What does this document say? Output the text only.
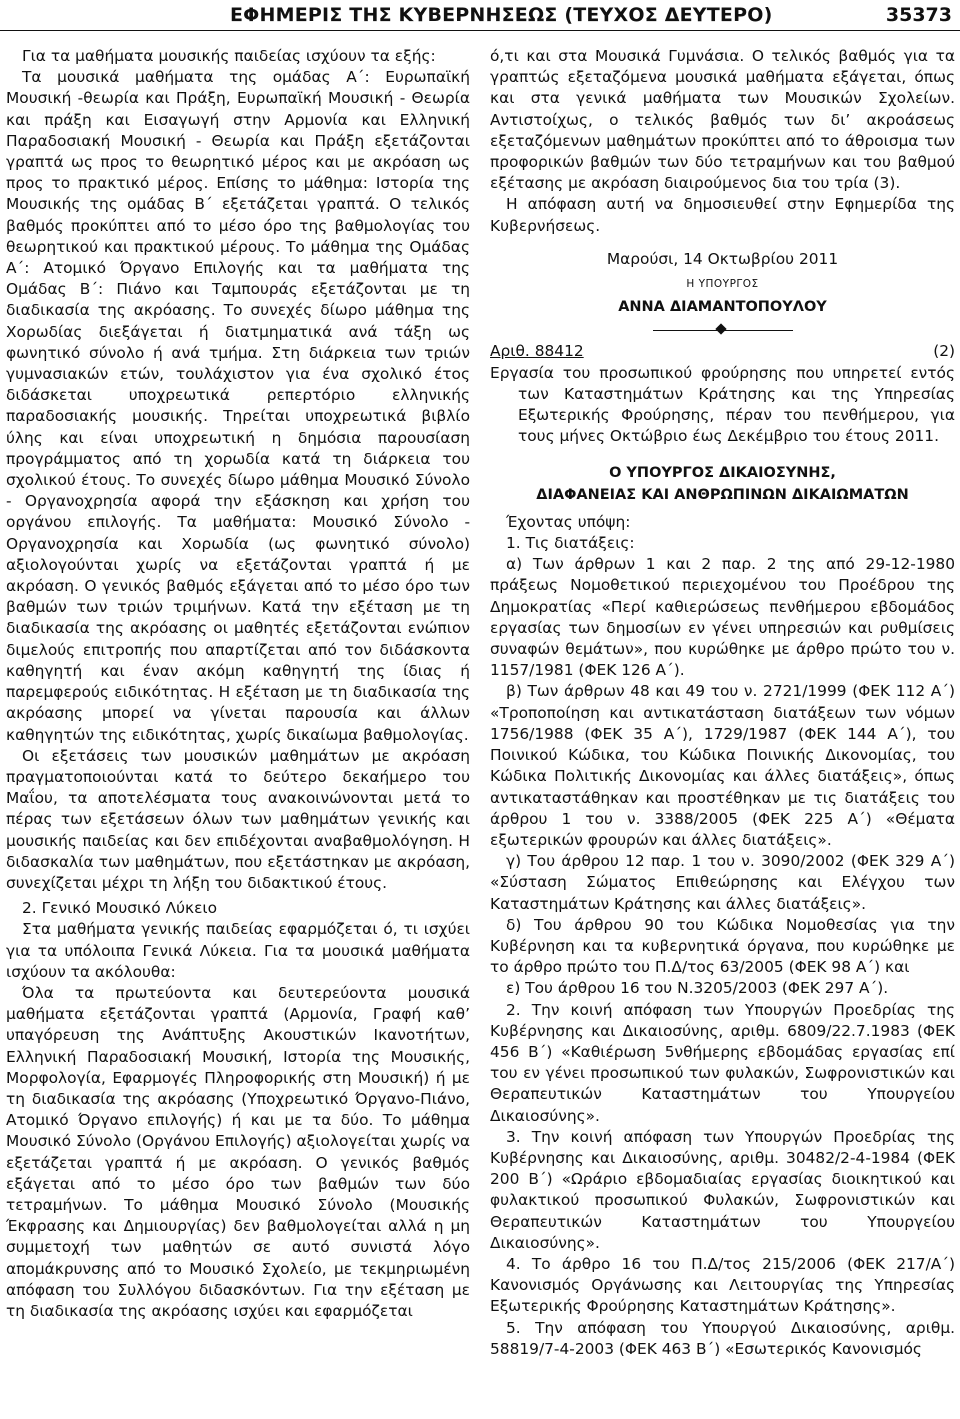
ΕΦΗΜΕΡΙΣ ΤΗΣ ΚΥΒΕΡΝΗΣΕΩΣ (ΤΕΥΧΟΣ ΔΕΥΤΕΡΟ)	35373

Για τα μαθήματα μουσικής παιδείας ισχύουν τα εξής:

Τα μουσικά μαθήματα της ομάδας Α΄: Ευρωπαϊκή Μουσική -θεωρία και Πράξη, Ευρωπαϊκή Μουσική - Θεωρία και πράξη και Εισαγωγή στην Αρμονία και Ελληνική Παραδοσιακή Μουσική - Θεωρία και Πράξη εξετάζονται γραπτά ως προς το θεωρητικό μέρος και με ακρόαση ως προς το πρακτικό μέρος. Επίσης το μάθημα: Ιστορία της Μουσικής της ομάδας Β΄ εξετάζεται γραπτά. Ο τελικός βαθμός προκύπτει από το μέσο όρο της βαθμολογίας του θεωρητικού και πρακτικού μέρους. Το μάθημα της Ομάδας Α΄: Ατομικό Όργανο Επιλογής και τα μαθήματα της Ομάδας Β΄: Πιάνο και Ταμπουράς εξετάζονται με τη διαδικασία της ακρόασης. Το συνεχές δίωρο μάθημα της Χορωδίας διεξάγεται ή διατμηματικά ανά τάξη ως φωνητικό σύνολο ή ανά τμήμα. Στη διάρκεια των τριών γυμνασιακών ετών, τουλάχιστον για ένα σχολικό έτος διδάσκεται υποχρεωτικά ρεπερτόριο ελληνικής παραδοσιακής μουσικής. Τηρείται υποχρεωτικά βιβλίο ύλης και είναι υποχρεωτική η δημόσια παρουσίαση προγράμματος από τη χορωδία κατά τη διάρκεια του σχολικού έτους. Το συνεχές δίωρο μάθημα Μουσικό Σύνολο - Οργανοχρησία αφορά την εξάσκηση και χρήση του οργάνου επιλογής. Τα μαθήματα: Μουσικό Σύνολο - Οργανοχρησία και Χορωδία (ως φωνητικό σύνολο) αξιολογούνται χωρίς να εξετάζονται γραπτά ή με ακρόαση. Ο γενικός βαθμός εξάγεται από το μέσο όρο των βαθμών των τριών τριμήνων. Κατά την εξέταση με τη διαδικασία της ακρόασης οι μαθητές εξετάζονται ενώπιον διμελούς επιτροπής που απαρτίζεται από τον διδάσκοντα καθηγητή και έναν ακόμη καθηγητή της ίδιας ή παρεμφερούς ειδικότητας. Η εξέταση με τη διαδικασία της ακρόασης μπορεί να γίνεται παρουσία και άλλων καθηγητών της ειδικότητας, χωρίς δικαίωμα βαθμολογίας.

Οι εξετάσεις των μουσικών μαθημάτων με ακρόαση πραγματοποιούνται κατά το δεύτερο δεκαήμερο του Μαΐου, τα αποτελέσματα τους ανακοινώνονται μετά το πέρας των εξετάσεων όλων των μαθημάτων γενικής και μουσικής παιδείας και δεν επιδέχονται αναβαθμολόγηση. Η διδασκαλία των μαθημάτων, που εξετάστηκαν με ακρόαση, συνεχίζεται μέχρι τη λήξη του διδακτικού έτους.

2. Γενικό Μουσικό Λύκειο

Στα μαθήματα γενικής παιδείας εφαρμόζεται ό, τι ισχύει για τα υπόλοιπα Γενικά Λύκεια. Για τα μουσικά μαθήματα ισχύουν τα ακόλουθα:

Όλα τα πρωτεύοντα και δευτερεύοντα μουσικά μαθήματα εξετάζονται γραπτά (Αρμονία, Γραφή καθ’ υπαγόρευση της Ανάπτυξης Ακουστικών Ικανοτήτων, Ελληνική Παραδοσιακή Μουσική, Ιστορία της Μουσικής, Μορφολογία, Εφαρμογές Πληροφορικής στη Μουσική) ή με τη διαδικασία της ακρόασης (Υποχρεωτικό Όργανο-Πιάνο, Ατομικό Όργανο επιλογής) ή και με τα δύο. Το μάθημα Μουσικό Σύνολο (Οργάνου Επιλογής) αξιολογείται χωρίς να εξετάζεται γραπτά ή με ακρόαση. Ο γενικός βαθμός εξάγεται από το μέσο όρο των βαθμών των δύο τετραμήνων. Το μάθημα Μουσικό Σύνολο (Μουσικής Έκφρασης και Δημιουργίας) δεν βαθμολογείται αλλά η μη συμμετοχή των μαθητών σε αυτό συνιστά λόγο απομάκρυνσης από το Μουσικό Σχολείο, με τεκμηριωμένη απόφαση του Συλλόγου διδασκόντων. Για την εξέταση με τη διαδικασία της ακρόασης ισχύει και εφαρμόζεται

ό,τι και στα Μουσικά Γυμνάσια. Ο τελικός βαθμός για τα γραπτώς εξεταζόμενα μουσικά μαθήματα εξάγεται, όπως και στα γενικά μαθήματα των Μουσικών Σχολείων. Αντιστοίχως, ο τελικός βαθμός των δι’ ακροάσεως εξεταζόμενων μαθημάτων προκύπτει από το άθροισμα των προφορικών βαθμών των δύο τετραμήνων και του βαθμού εξέτασης με ακρόαση διαιρούμενος δια του τρία (3).

Η απόφαση αυτή να δημοσιευθεί στην Εφημερίδα της Κυβερνήσεως.

Μαρούσι, 14 Οκτωβρίου 2011

Η ΥΠΟΥΡΓΟΣ

ΑΝΝΑ ΔΙΑΜΑΝΤΟΠΟΥΛΟΥ

Αριθ. 88412	(2)

Εργασία του προσωπικού φρούρησης που υπηρετεί εντός των Καταστημάτων Κράτησης και της Υπηρεσίας Εξωτερικής Φρούρησης, πέραν του πενθήμερου, για τους μήνες Οκτώβριο έως Δεκέμβριο του έτους 2011.

Ο ΥΠΟΥΡΓΟΣ ΔΙΚΑΙΟΣΥΝΗΣ,

ΔΙΑΦΑΝΕΙΑΣ ΚΑΙ ΑΝΘΡΩΠΙΝΩΝ ΔΙΚΑΙΩΜΑΤΩΝ

Έχοντας υπόψη:

1. Τις διατάξεις:

α) Των άρθρων 1 και 2 παρ. 2 της από 29-12-1980 πράξεως Νομοθετικού περιεχομένου του Προέδρου της Δημοκρατίας «Περί καθιερώσεως πενθήμερου εβδομάδος εργασίας των δημοσίων εν γένει υπηρεσιών και ρυθμίσεις συναφών θεμάτων», που κυρώθηκε με άρθρο πρώτο του ν. 1157/1981 (ΦΕΚ 126 Α΄).

β) Των άρθρων 48 και 49 του ν. 2721/1999 (ΦΕΚ 112 Α΄) «Τροποποίηση και αντικατάσταση διατάξεων των νόμων 1756/1988 (ΦΕΚ 35 Α΄), 1729/1987 (ΦΕΚ 144 Α΄), του Ποινικού Κώδικα, του Κώδικα Ποινικής Δικονομίας, του Κώδικα Πολιτικής Δικονομίας και άλλες διατάξεις», όπως αντικαταστάθηκαν και προστέθηκαν με τις διατάξεις του άρθρου 1 του ν. 3388/2005 (ΦΕΚ 225 Α΄) «Θέματα εξωτερικών φρουρών και άλλες διατάξεις».

γ) Του άρθρου 12 παρ. 1 του ν. 3090/2002 (ΦΕΚ 329 Α΄) «Σύσταση Σώματος Επιθεώρησης και Ελέγχου των Καταστημάτων Κράτησης και άλλες διατάξεις».

δ) Του άρθρου 90 του Κώδικα Νομοθεσίας για την Κυβέρνηση και τα κυβερνητικά όργανα, που κυρώθηκε με το άρθρο πρώτο του Π.Δ/τος 63/2005 (ΦΕΚ 98 Α΄) και

ε) Του άρθρου 16 του Ν.3205/2003 (ΦΕΚ 297 Α΄).

2. Την κοινή απόφαση των Υπουργών Προεδρίας της Κυβέρνησης και Δικαιοσύνης, αριθμ. 6809/22.7.1983 (ΦΕΚ 456 Β΄) «Καθιέρωση 5νθήμερης εβδομάδας εργασίας επί του εν γένει προσωπικού των φυλακών, Σωφρονιστικών και Θεραπευτικών Καταστημάτων του Υπουργείου Δικαιοσύνης».

3. Την κοινή απόφαση των Υπουργών Προεδρίας της Κυβέρνησης και Δικαιοσύνης, αριθμ. 30482/2-4-1984 (ΦΕΚ 200 Β΄) «Ωράριο εβδομαδιαίας εργασίας διοικητικού και φυλακτικού προσωπικού Φυλακών, Σωφρονιστικών και Θεραπευτικών Καταστημάτων του Υπουργείου Δικαιοσύνης».

4. Το άρθρο 16 του Π.Δ/τος 215/2006 (ΦΕΚ 217/Α΄) Κανονισμός Οργάνωσης και Λειτουργίας της Υπηρεσίας Εξωτερικής Φρούρησης Καταστημάτων Κράτησης».

5. Την απόφαση του Υπουργού Δικαιοσύνης, αριθμ. 58819/7-4-2003 (ΦΕΚ 463 Β΄) «Εσωτερικός Κανονισμός
